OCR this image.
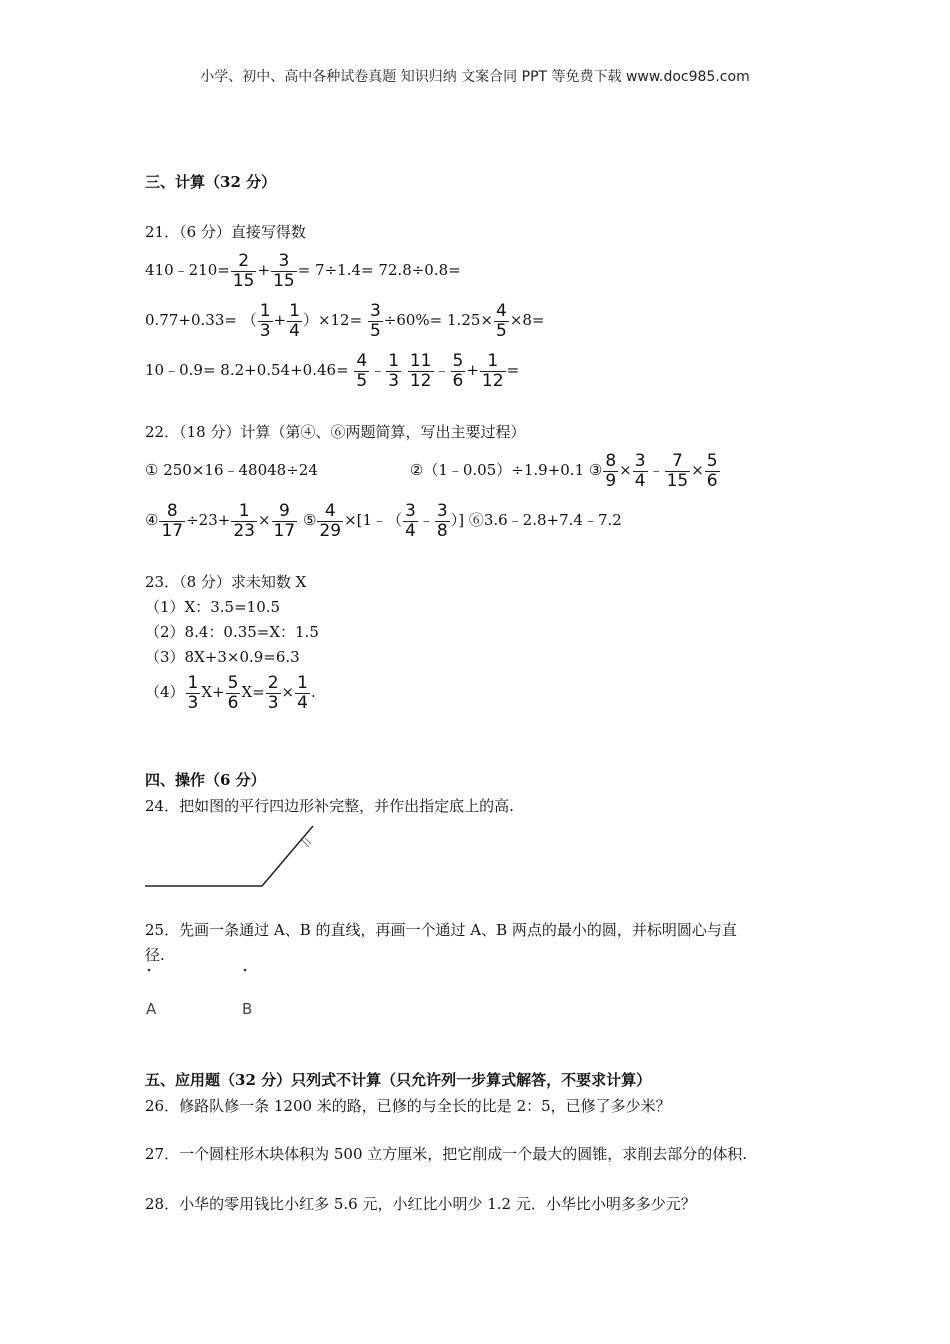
小学、初中、高中各种试卷真题 知识归纳 文案合同 PPT 等免费下载 www.doc985.com
三、计算（32 分）
21．（6 分）直接写得数
410﹣210= $\frac{2}{15} + \frac{3}{15} = 7\div 1.4= 72.8\div 0.8=$
0.77+0.33= （ $\frac{1}{3} + \frac{1}{4} )\times 12= \frac{3}{5} \div 60\%= 1.25\times \frac{4}{5} \times 8=$
10﹣0.9= $8.2+0.54+0.46= \frac{4}{5}$ ﹣ $\frac{1}{3}$
$\frac{11}{12}$ ﹣ $\frac{5}{6} + \frac{1}{12}$ =
22．（18 分）计算（第④、⑥两题简算，写出主要过程）
① 250×16﹣48048÷24	②（1﹣0.05）÷1.9+0.1 ③ $\frac{8}{9} \times \frac{3}{4}$ ﹣ $\frac{7}{15} \times \frac{5}{6}$
④ $\frac{8}{17} \div 23+ \frac{1}{23} \times \frac{9}{17}$ ⑤ $\frac{4}{29}$ ×[1﹣（ $\frac{3}{4}$ ﹣ $\frac{3}{8}$ ）] ⑥3.6﹣2.8+7.4﹣7.2
23．（8 分）求未知数 X
（1）X：3.5=10.5
（2）8.4：0.35=X：1.5
（3）8X+3×0.9=6.3
$(4) \frac{1}{3} X+ \frac{5}{6} X= \frac{2}{3} \times \frac{1}{4}$ .
四、操作（6 分）
24．把如图的平行四边形补完整，并作出指定底上的高.
25．先画一条通过 A、B 的直线，再画一个通过 A、B 两点的最小的圆，并标明圆心与直
径.
A	B
五、应用题（32 分）只列式不计算（只允许列一步算式解答，不要求计算）
26．修路队修一条 1200 米的路，已修的与全长的比是 2：5，已修了多少米？
27．一个圆柱形木块体积为 500 立方厘米，把它削成一个最大的圆锥，求削去部分的体积.
28．小华的零用钱比小红多 5.6 元，小红比小明少 1.2 元．小华比小明多多少元？
